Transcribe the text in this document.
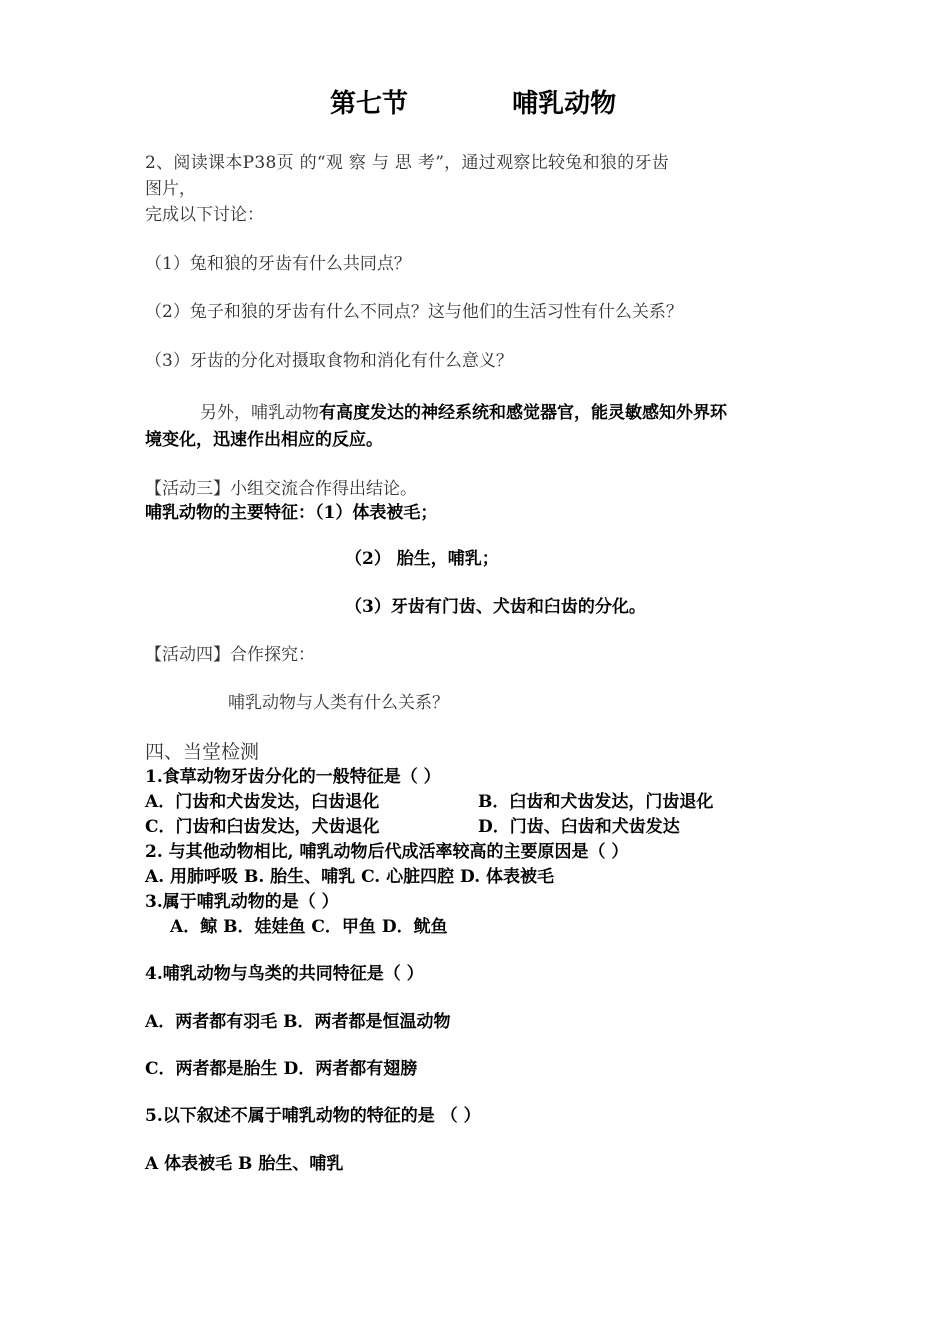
第七节	哺乳动物
2、阅读课本P38页 的“观 察 与 思 考”，通过观察比较兔和狼的牙齿
图片，
完成以下讨论：
（1）兔和狼的牙齿有什么共同点？
（2）兔子和狼的牙齿有什么不同点？这与他们的生活习性有什么关系？
（3）牙齿的分化对摄取食物和消化有什么意义？
另外，哺乳动物有高度发达的神经系统和感觉器官，能灵敏感知外界环
境变化，迅速作出相应的反应。
【活动三】小组交流合作得出结论。
哺乳动物的主要特征：（1）体表被毛；
（2） 胎生，哺乳；
（3）牙齿有门齿、犬齿和臼齿的分化。
【活动四】合作探究：
哺乳动物与人类有什么关系？
四、当堂检测
1.食草动物牙齿分化的一般特征是（ ）
A．门齿和犬齿发达，臼齿退化	B．臼齿和犬齿发达，门齿退化
C．门齿和臼齿发达，犬齿退化	D．门齿、臼齿和犬齿发达
2. 与其他动物相比, 哺乳动物后代成活率较高的主要原因是（ ）
A. 用肺呼吸 B. 胎生、哺乳 C. 心脏四腔 D. 体表被毛
3.属于哺乳动物的是（ ）
A．鲸 B．娃娃鱼 C．甲鱼 D．鱿鱼
4.哺乳动物与鸟类的共同特征是（ ）
A．两者都有羽毛 B．两者都是恒温动物
C．两者都是胎生 D．两者都有翅膀
5.以下叙述不属于哺乳动物的特征的是 （ ）
A 体表被毛 B 胎生、哺乳
